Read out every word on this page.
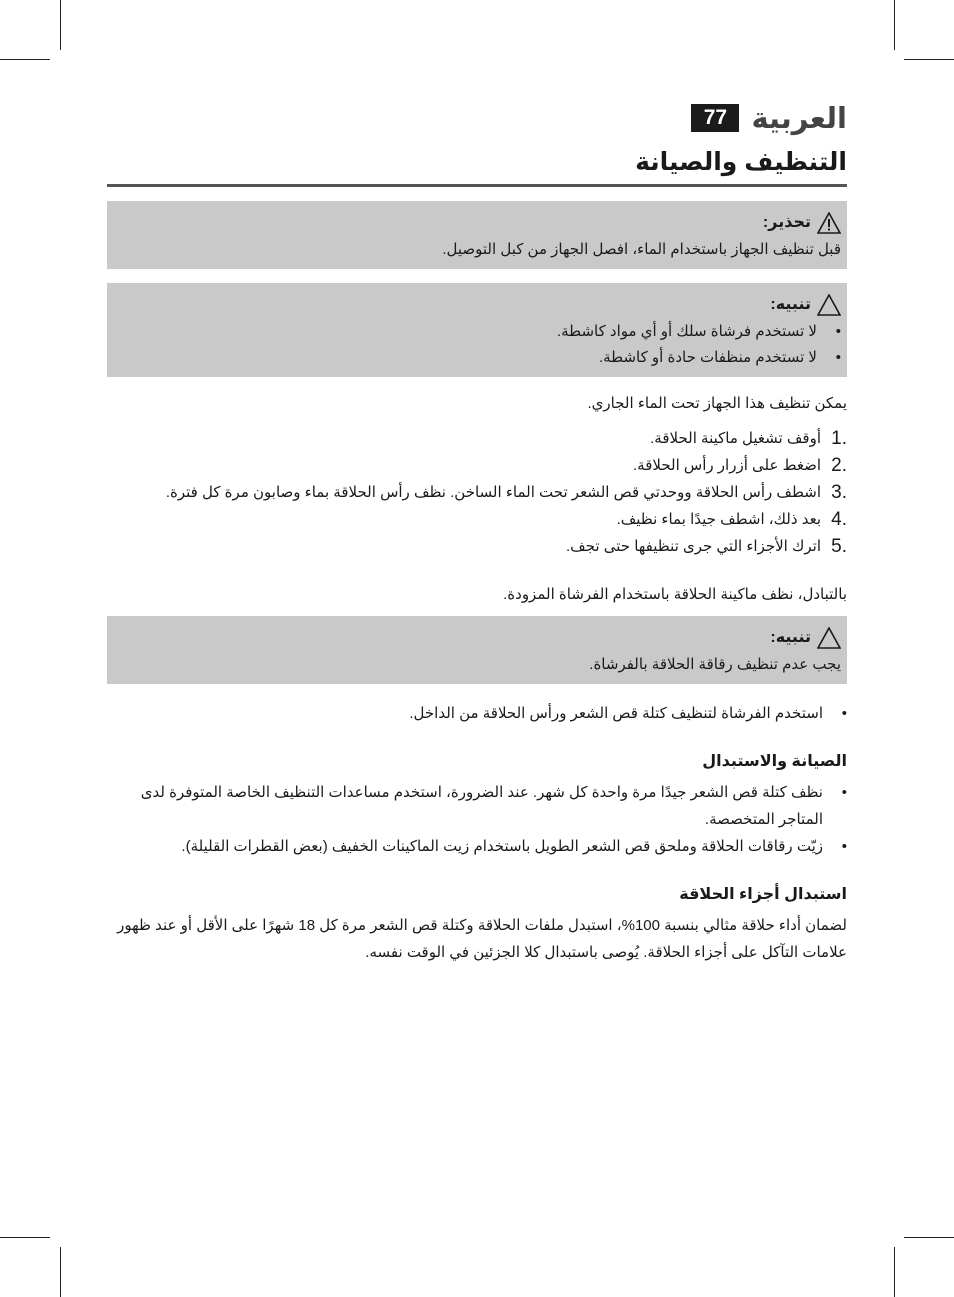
العربية
77
التنظيف والصيانة
تحذير:
قبل تنظيف الجهاز باستخدام الماء، افصل الجهاز من كبل التوصيل.
تنبيه:
• لا تستخدم فرشاة سلك أو أي مواد كاشطة.
• لا تستخدم منظفات حادة أو كاشطة.
يمكن تنظيف هذا الجهاز تحت الماء الجاري.
1.
أوقف تشغيل ماكينة الحلاقة.
2.
اضغط على أزرار رأس الحلاقة.
3.
اشطف رأس الحلاقة ووحدتي قص الشعر تحت الماء الساخن. نظف رأس الحلاقة بماء وصابون مرة كل فترة.
4.
بعد ذلك، اشطف جيدًا بماء نظيف.
5.
اترك الأجزاء التي جرى تنظيفها حتى تجف.
بالتبادل، نظف ماكينة الحلاقة باستخدام الفرشاة المزودة.
تنبيه:
يجب عدم تنظيف رقاقة الحلاقة بالفرشاة.
• استخدم الفرشاة لتنظيف كتلة قص الشعر ورأس الحلاقة من الداخل.
الصيانة والاستبدال
• نظف كتلة قص الشعر جيدًا مرة واحدة كل شهر. عند الضرورة، استخدم مساعدات التنظيف الخاصة المتوفرة لدى المتاجر المتخصصة.
• زيّت رقاقات الحلاقة وملحق قص الشعر الطويل باستخدام زيت الماكينات الخفيف (بعض القطرات القليلة).
استبدال أجزاء الحلاقة
لضمان أداء حلاقة مثالي بنسبة 100%، استبدل ملفات الحلاقة وكتلة قص الشعر مرة كل 18 شهرًا على الأقل أو عند ظهور علامات التآكل على أجزاء الحلاقة. يُوصى باستبدال كلا الجزئين في الوقت نفسه.
